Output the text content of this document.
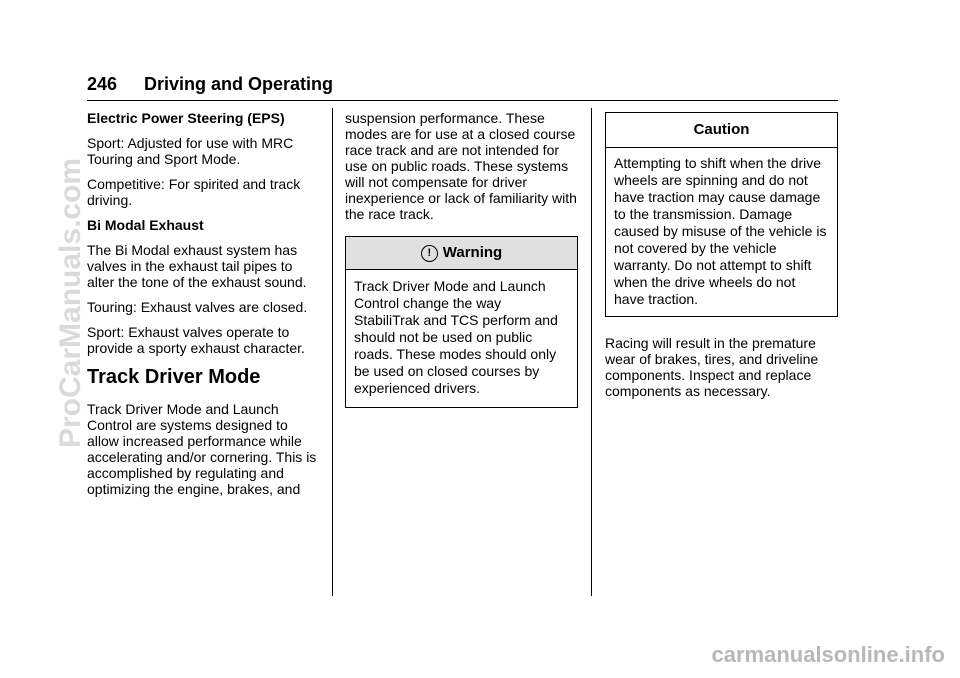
246 Driving and Operating

Electric Power Steering (EPS)

Sport: Adjusted for use with MRC Touring and Sport Mode.

Competitive: For spirited and track driving.

Bi Modal Exhaust

The Bi Modal exhaust system has valves in the exhaust tail pipes to alter the tone of the exhaust sound.

Touring: Exhaust valves are closed.

Sport: Exhaust valves operate to provide a sporty exhaust character.

Track Driver Mode

Track Driver Mode and Launch Control are systems designed to allow increased performance while accelerating and/or cornering. This is accomplished by regulating and optimizing the engine, brakes, and

suspension performance. These modes are for use at a closed course race track and are not intended for use on public roads. These systems will not compensate for driver inexperience or lack of familiarity with the race track.

! Warning
Track Driver Mode and Launch Control change the way StabiliTrak and TCS perform and should not be used on public roads. These modes should only be used on closed courses by experienced drivers.
Caution
Attempting to shift when the drive wheels are spinning and do not have traction may cause damage to the transmission. Damage caused by misuse of the vehicle is not covered by the vehicle warranty. Do not attempt to shift when the drive wheels do not have traction.

Racing will result in the premature wear of brakes, tires, and driveline components. Inspect and replace components as necessary.

ProCarManuals.com
carmanualsonline.info
